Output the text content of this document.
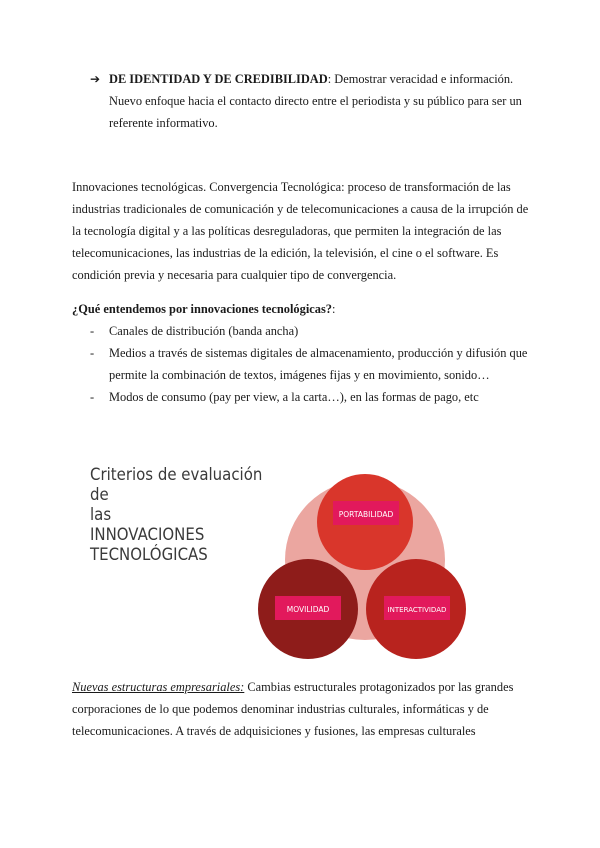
➔ DE IDENTIDAD Y DE CREDIBILIDAD: Demostrar veracidad e información.
Nuevo enfoque hacia el contacto directo entre el periodista y su público para ser un
referente informativo.
Innovaciones tecnológicas. Convergencia Tecnológica: proceso de transformación de las
industrias tradicionales de comunicación y de telecomunicaciones a causa de la irrupción de
la tecnología digital y a las políticas desreguladoras, que permiten la integración de las
telecomunicaciones, las industrias de la edición, la televisión, el cine o el software. Es
condición previa y necesaria para cualquier tipo de convergencia.
¿Qué entendemos por innovaciones tecnológicas?:
- Canales de distribución (banda ancha)
- Medios a través de sistemas digitales de almacenamiento, producción y difusión que
permite la combinación de textos, imágenes fijas y en movimiento, sonido…
- Modos de consumo (pay per view, a la carta…), en las formas de pago, etc
Criterios de evaluación
de
las
INNOVACIONES
TECNOLÓGICAS
PORTABILIDAD
MOVILIDAD	INTERACTIVIDAD
Nuevas estructuras empresariales: Cambias estructurales protagonizados por las grandes
corporaciones de lo que podemos denominar industrias culturales, informáticas y de
telecomunicaciones. A través de adquisiciones y fusiones, las empresas culturales
